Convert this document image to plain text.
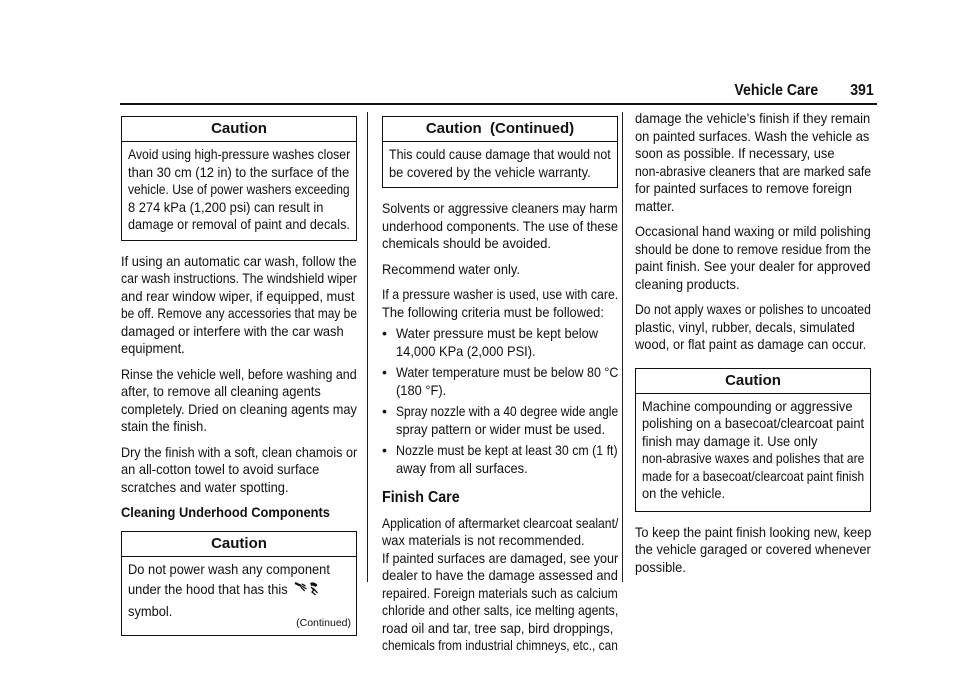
Vehicle Care 391
Caution
Avoid using high-pressure washes closer
than 30 cm (12 in) to the surface of the
vehicle. Use of power washers exceeding
8 274 kPa (1,200 psi) can result in
damage or removal of paint and decals.

If using an automatic car wash, follow the
car wash instructions. The windshield wiper
and rear window wiper, if equipped, must
be off. Remove any accessories that may be
damaged or interfere with the car wash
equipment.

Rinse the vehicle well, before washing and
after, to remove all cleaning agents
completely. Dried on cleaning agents may
stain the finish.

Dry the finish with a soft, clean chamois or
an all-cotton towel to avoid surface
scratches and water spotting.

Cleaning Underhood Components
Caution
Do not power wash any component
under the hood that has this
symbol.
(Continued)
Caution  (Continued)
This could cause damage that would not
be covered by the vehicle warranty.

Solvents or aggressive cleaners may harm
underhood components. The use of these
chemicals should be avoided.

Recommend water only.

If a pressure washer is used, use with care.
The following criteria must be followed:

• Water pressure must be kept below
14,000 KPa (2,000 PSI).
• Water temperature must be below 80 °C
(180 °F).
• Spray nozzle with a 40 degree wide angle
spray pattern or wider must be used.
• Nozzle must be kept at least 30 cm (1 ft)
away from all surfaces.
Finish Care

Application of aftermarket clearcoat sealant/
wax materials is not recommended.

If painted surfaces are damaged, see your
dealer to have the damage assessed and
repaired. Foreign materials such as calcium
chloride and other salts, ice melting agents,
road oil and tar, tree sap, bird droppings,
chemicals from industrial chimneys, etc., can

damage the vehicle's finish if they remain
on painted surfaces. Wash the vehicle as
soon as possible. If necessary, use
non-abrasive cleaners that are marked safe
for painted surfaces to remove foreign
matter.

Occasional hand waxing or mild polishing
should be done to remove residue from the
paint finish. See your dealer for approved
cleaning products.

Do not apply waxes or polishes to uncoated
plastic, vinyl, rubber, decals, simulated
wood, or flat paint as damage can occur.

Caution
Machine compounding or aggressive
polishing on a basecoat/clearcoat paint
finish may damage it. Use only
non-abrasive waxes and polishes that are
made for a basecoat/clearcoat paint finish
on the vehicle.

To keep the paint finish looking new, keep
the vehicle garaged or covered whenever
possible.
